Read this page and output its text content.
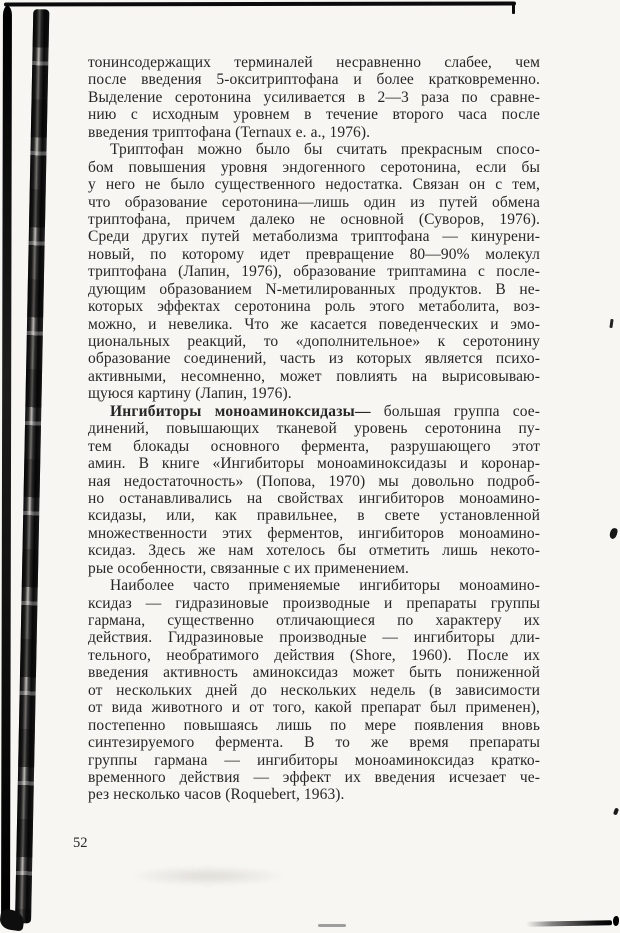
тонинсодержащих терминалей несравненно слабее, чем
после введения 5-окситриптофана и более кратковременно.
Выделение серотонина усиливается в 2—3 раза по сравне-
нию с исходным уровнем в течение второго часа после
введения триптофана (Ternaux e. a., 1976).
Триптофан можно было бы считать прекрасным спосо-
бом повышения уровня эндогенного серотонина, если бы
у него не было существенного недостатка. Связан он с тем,
что образование серотонина—лишь один из путей обмена
триптофана, причем далеко не основной (Суворов, 1976).
Среди других путей метаболизма триптофана — кинурени-
новый, по которому идет превращение 80—90% молекул
триптофана (Лапин, 1976), образование триптамина с после-
дующим образованием N-метилированных продуктов. В не-
которых эффектах серотонина роль этого метаболита, воз-
можно, и невелика. Что же касается поведенческих и эмо-
циональных реакций, то «дополнительное» к серотонину
образование соединений, часть из которых является психо-
активными, несомненно, может повлиять на вырисовываю-
щуюся картину (Лапин, 1976).
Ингибиторы моноаминоксидазы— большая группа сое-
динений, повышающих тканевой уровень серотонина пу-
тем блокады основного фермента, разрушающего этот
амин. В книге «Ингибиторы моноаминоксидазы и коронар-
ная недостаточность» (Попова, 1970) мы довольно подроб-
но останавливались на свойствах ингибиторов моноамино-
ксидазы, или, как правильнее, в свете установленной
множественности этих ферментов, ингибиторов моноамино-
ксидаз. Здесь же нам хотелось бы отметить лишь некото-
рые особенности, связанные с их применением.
Наиболее часто применяемые ингибиторы моноамино-
ксидаз — гидразиновые производные и препараты группы
гармана, существенно отличающиеся по характеру их
действия. Гидразиновые производные — ингибиторы дли-
тельного, необратимого действия (Shore, 1960). После их
введения активность аминоксидаз может быть пониженной
от нескольких дней до нескольких недель (в зависимости
от вида животного и от того, какой препарат был применен),
постепенно повышаясь лишь по мере появления вновь
синтезируемого фермента. В то же время препараты
группы гармана — ингибиторы моноаминоксидаз кратко-
временного действия — эффект их введения исчезает че-
рез несколько часов (Roquebert, 1963).
52
